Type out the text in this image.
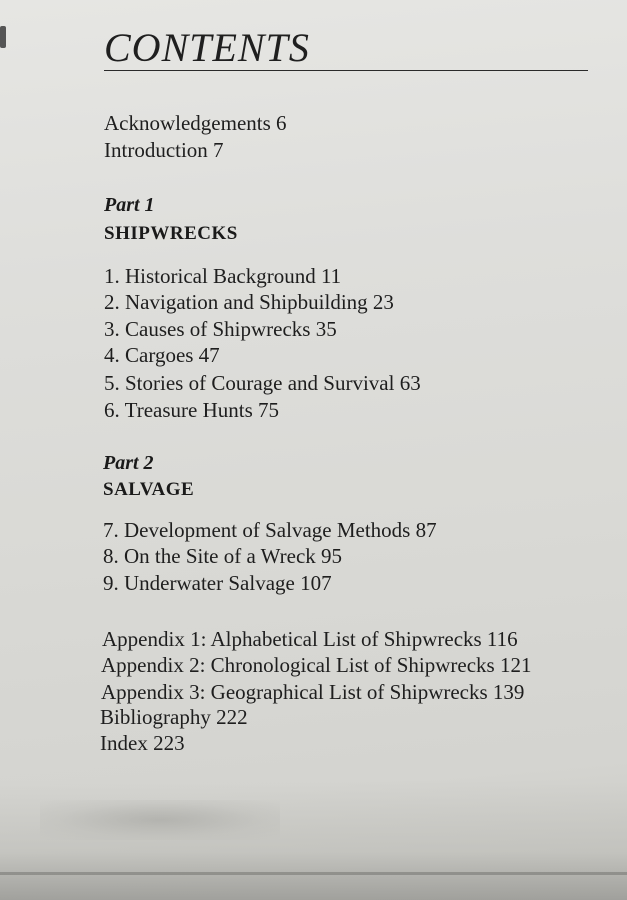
CONTENTS
Acknowledgements 6
Introduction 7
Part 1
SHIPWRECKS
1. Historical Background 11
2. Navigation and Shipbuilding 23
3. Causes of Shipwrecks 35
4. Cargoes 47
5. Stories of Courage and Survival 63
6. Treasure Hunts 75
Part 2
SALVAGE
7. Development of Salvage Methods 87
8. On the Site of a Wreck 95
9. Underwater Salvage 107
Appendix 1: Alphabetical List of Shipwrecks 116
Appendix 2: Chronological List of Shipwrecks 121
Appendix 3: Geographical List of Shipwrecks 139
Bibliography 222
Index 223
